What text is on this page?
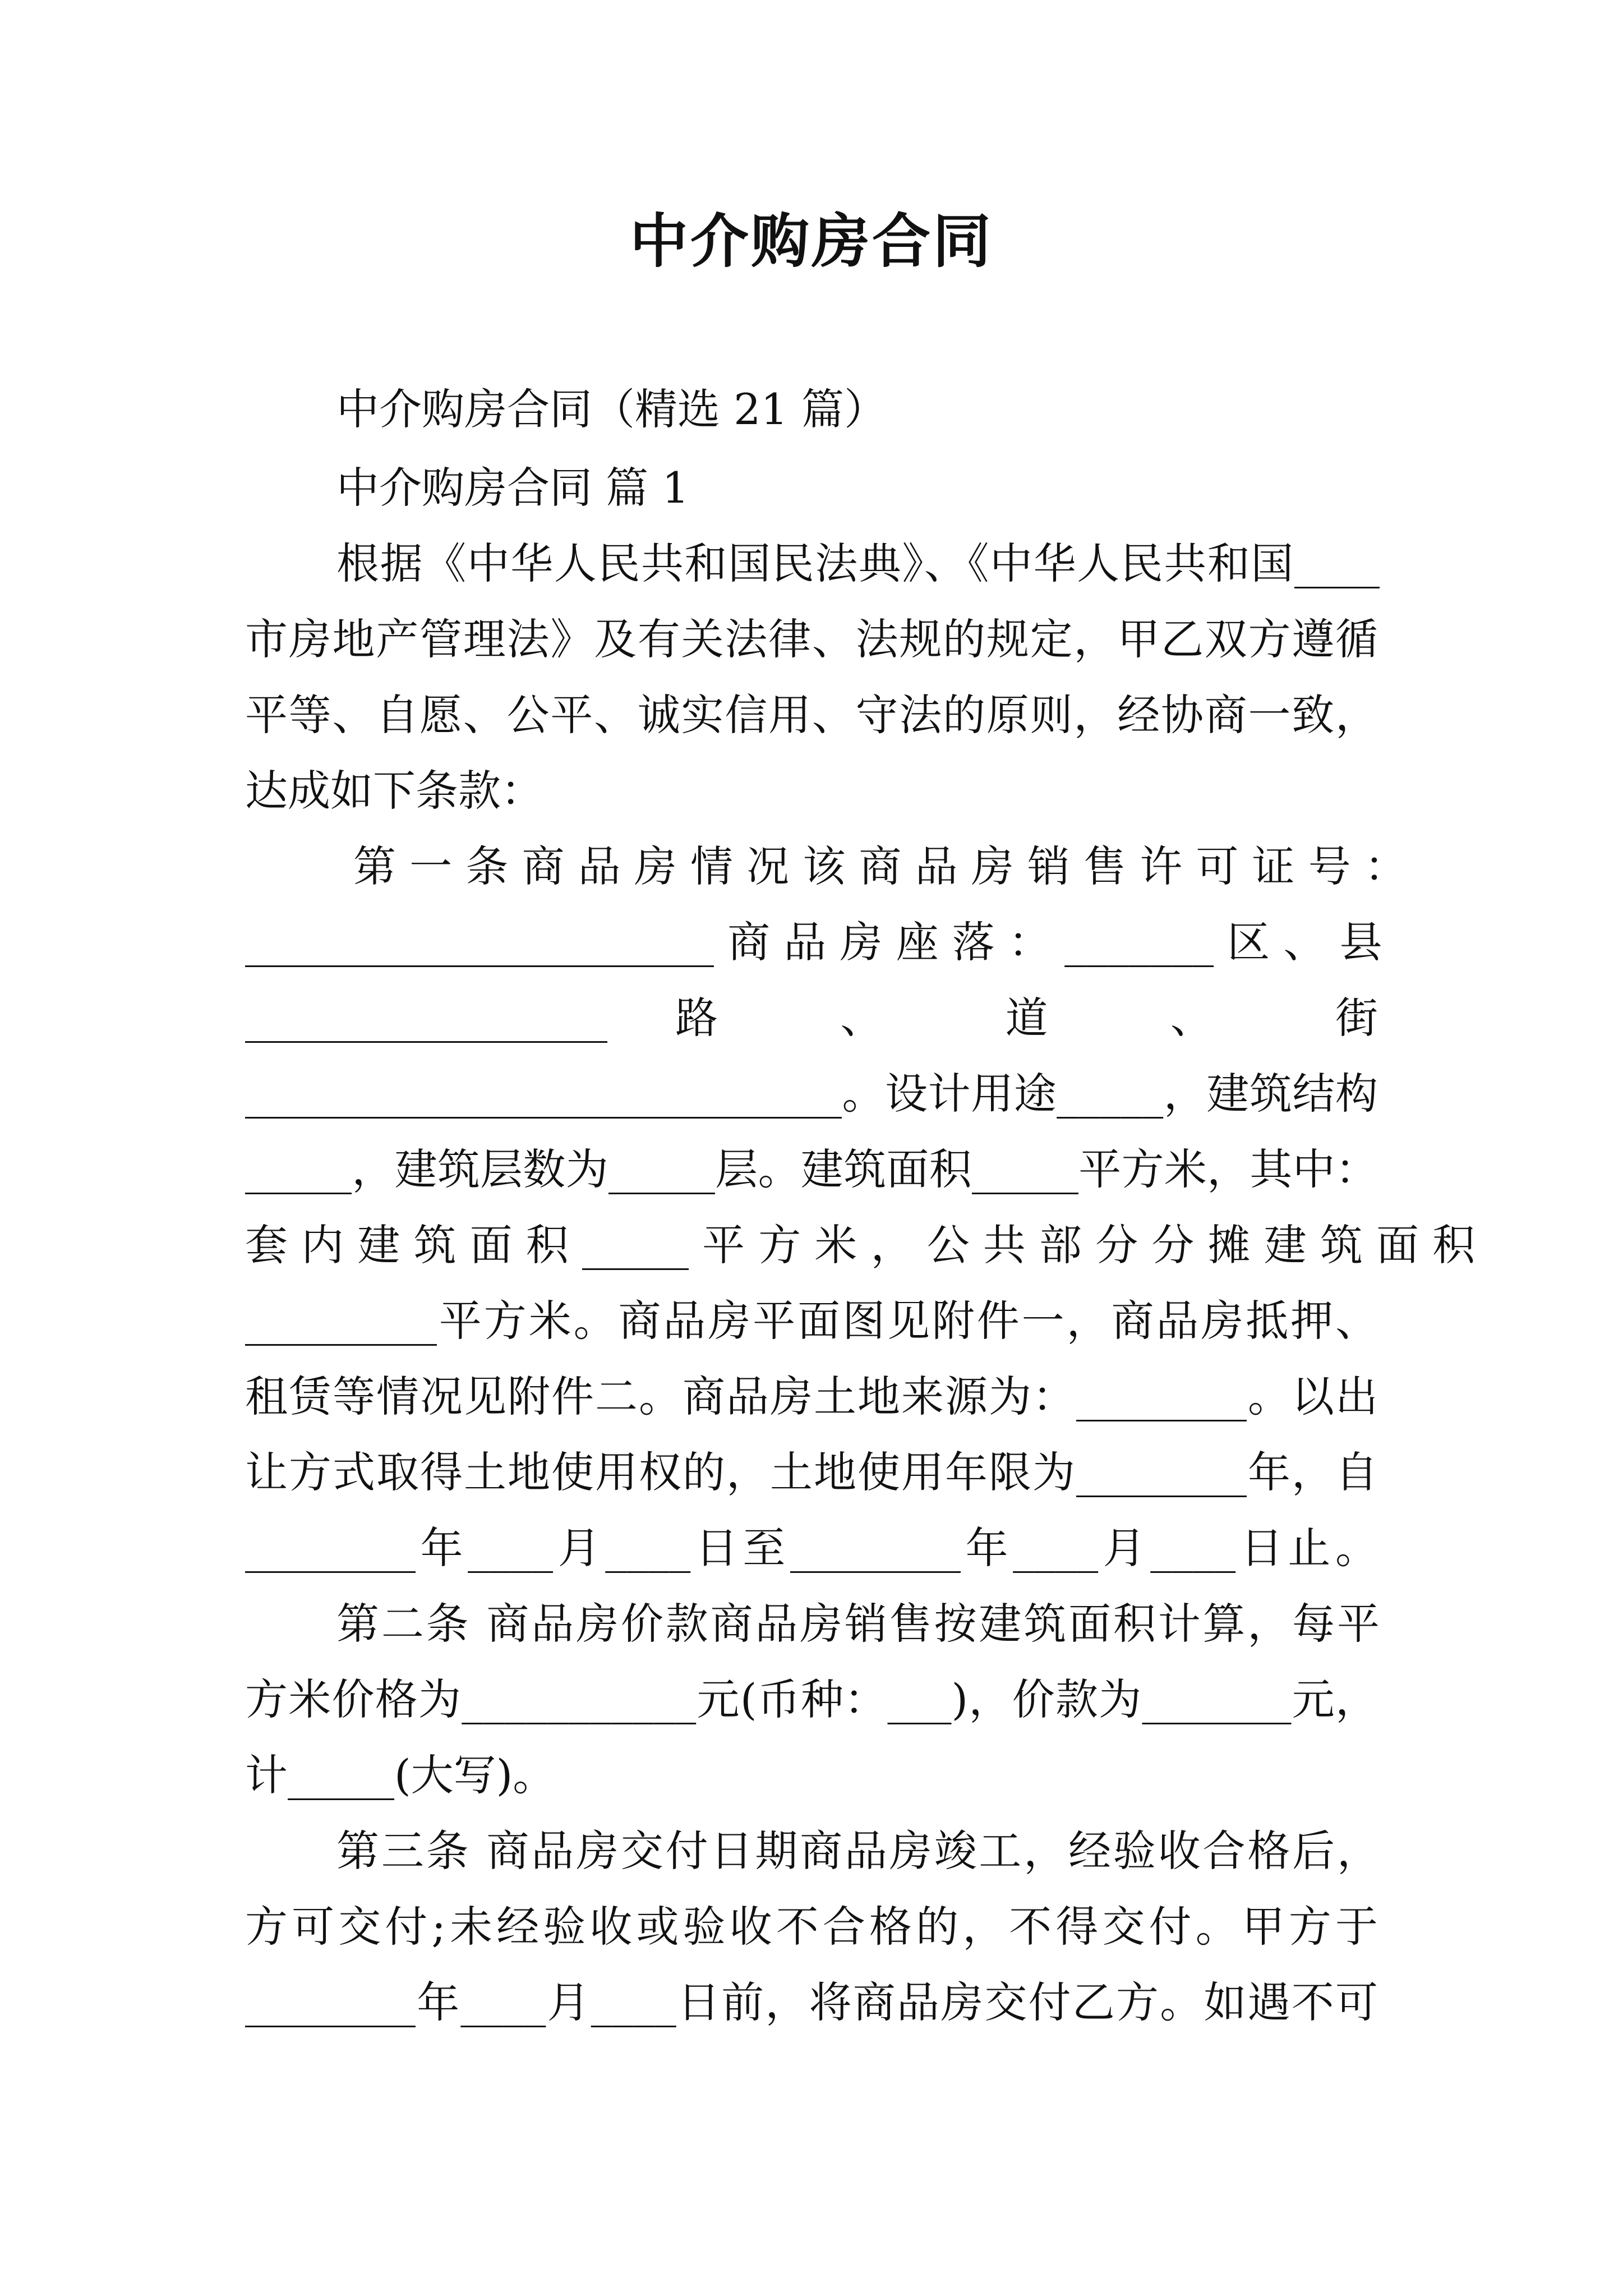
中介购房合同
中介购房合同（精选 21 篇）
中介购房合同 篇 1
根据《中华人民共和国民法典》、《中华人民共和国____
市房地产管理法》及有关法律、法规的规定，甲乙双方遵循
平等、自愿、公平、诚实信用、守法的原则，经协商一致，
达成如下条款：
第 一 条 商 品 房 情 况 该 商 品 房 销 售 许 可 证 号 ：
______________________ 商 品 房 座 落 ： _______ 区 、 县
_________________ 路 、 道 、 街
____________________________。设计用途_____，建筑结构
_____，建筑层数为_____层。建筑面积_____平方米，其中：
套 内 建 筑 面 积 _____ 平 方 米 ， 公 共 部 分 分 摊 建 筑 面 积
_________平方米。商品房平面图见附件一，商品房抵押、
租赁等情况见附件二。商品房土地来源为：________。以出
让方式取得土地使用权的，土地使用年限为________年，自
________年____月____日至________年____月____日止。
第二条 商品房价款商品房销售按建筑面积计算，每平
方米价格为___________元(币种：___)，价款为_______元，
计_____(大写)。
第三条 商品房交付日期商品房竣工，经验收合格后，
方可交付;未经验收或验收不合格的，不得交付。甲方于
________年____月____日前，将商品房交付乙方。如遇不可
